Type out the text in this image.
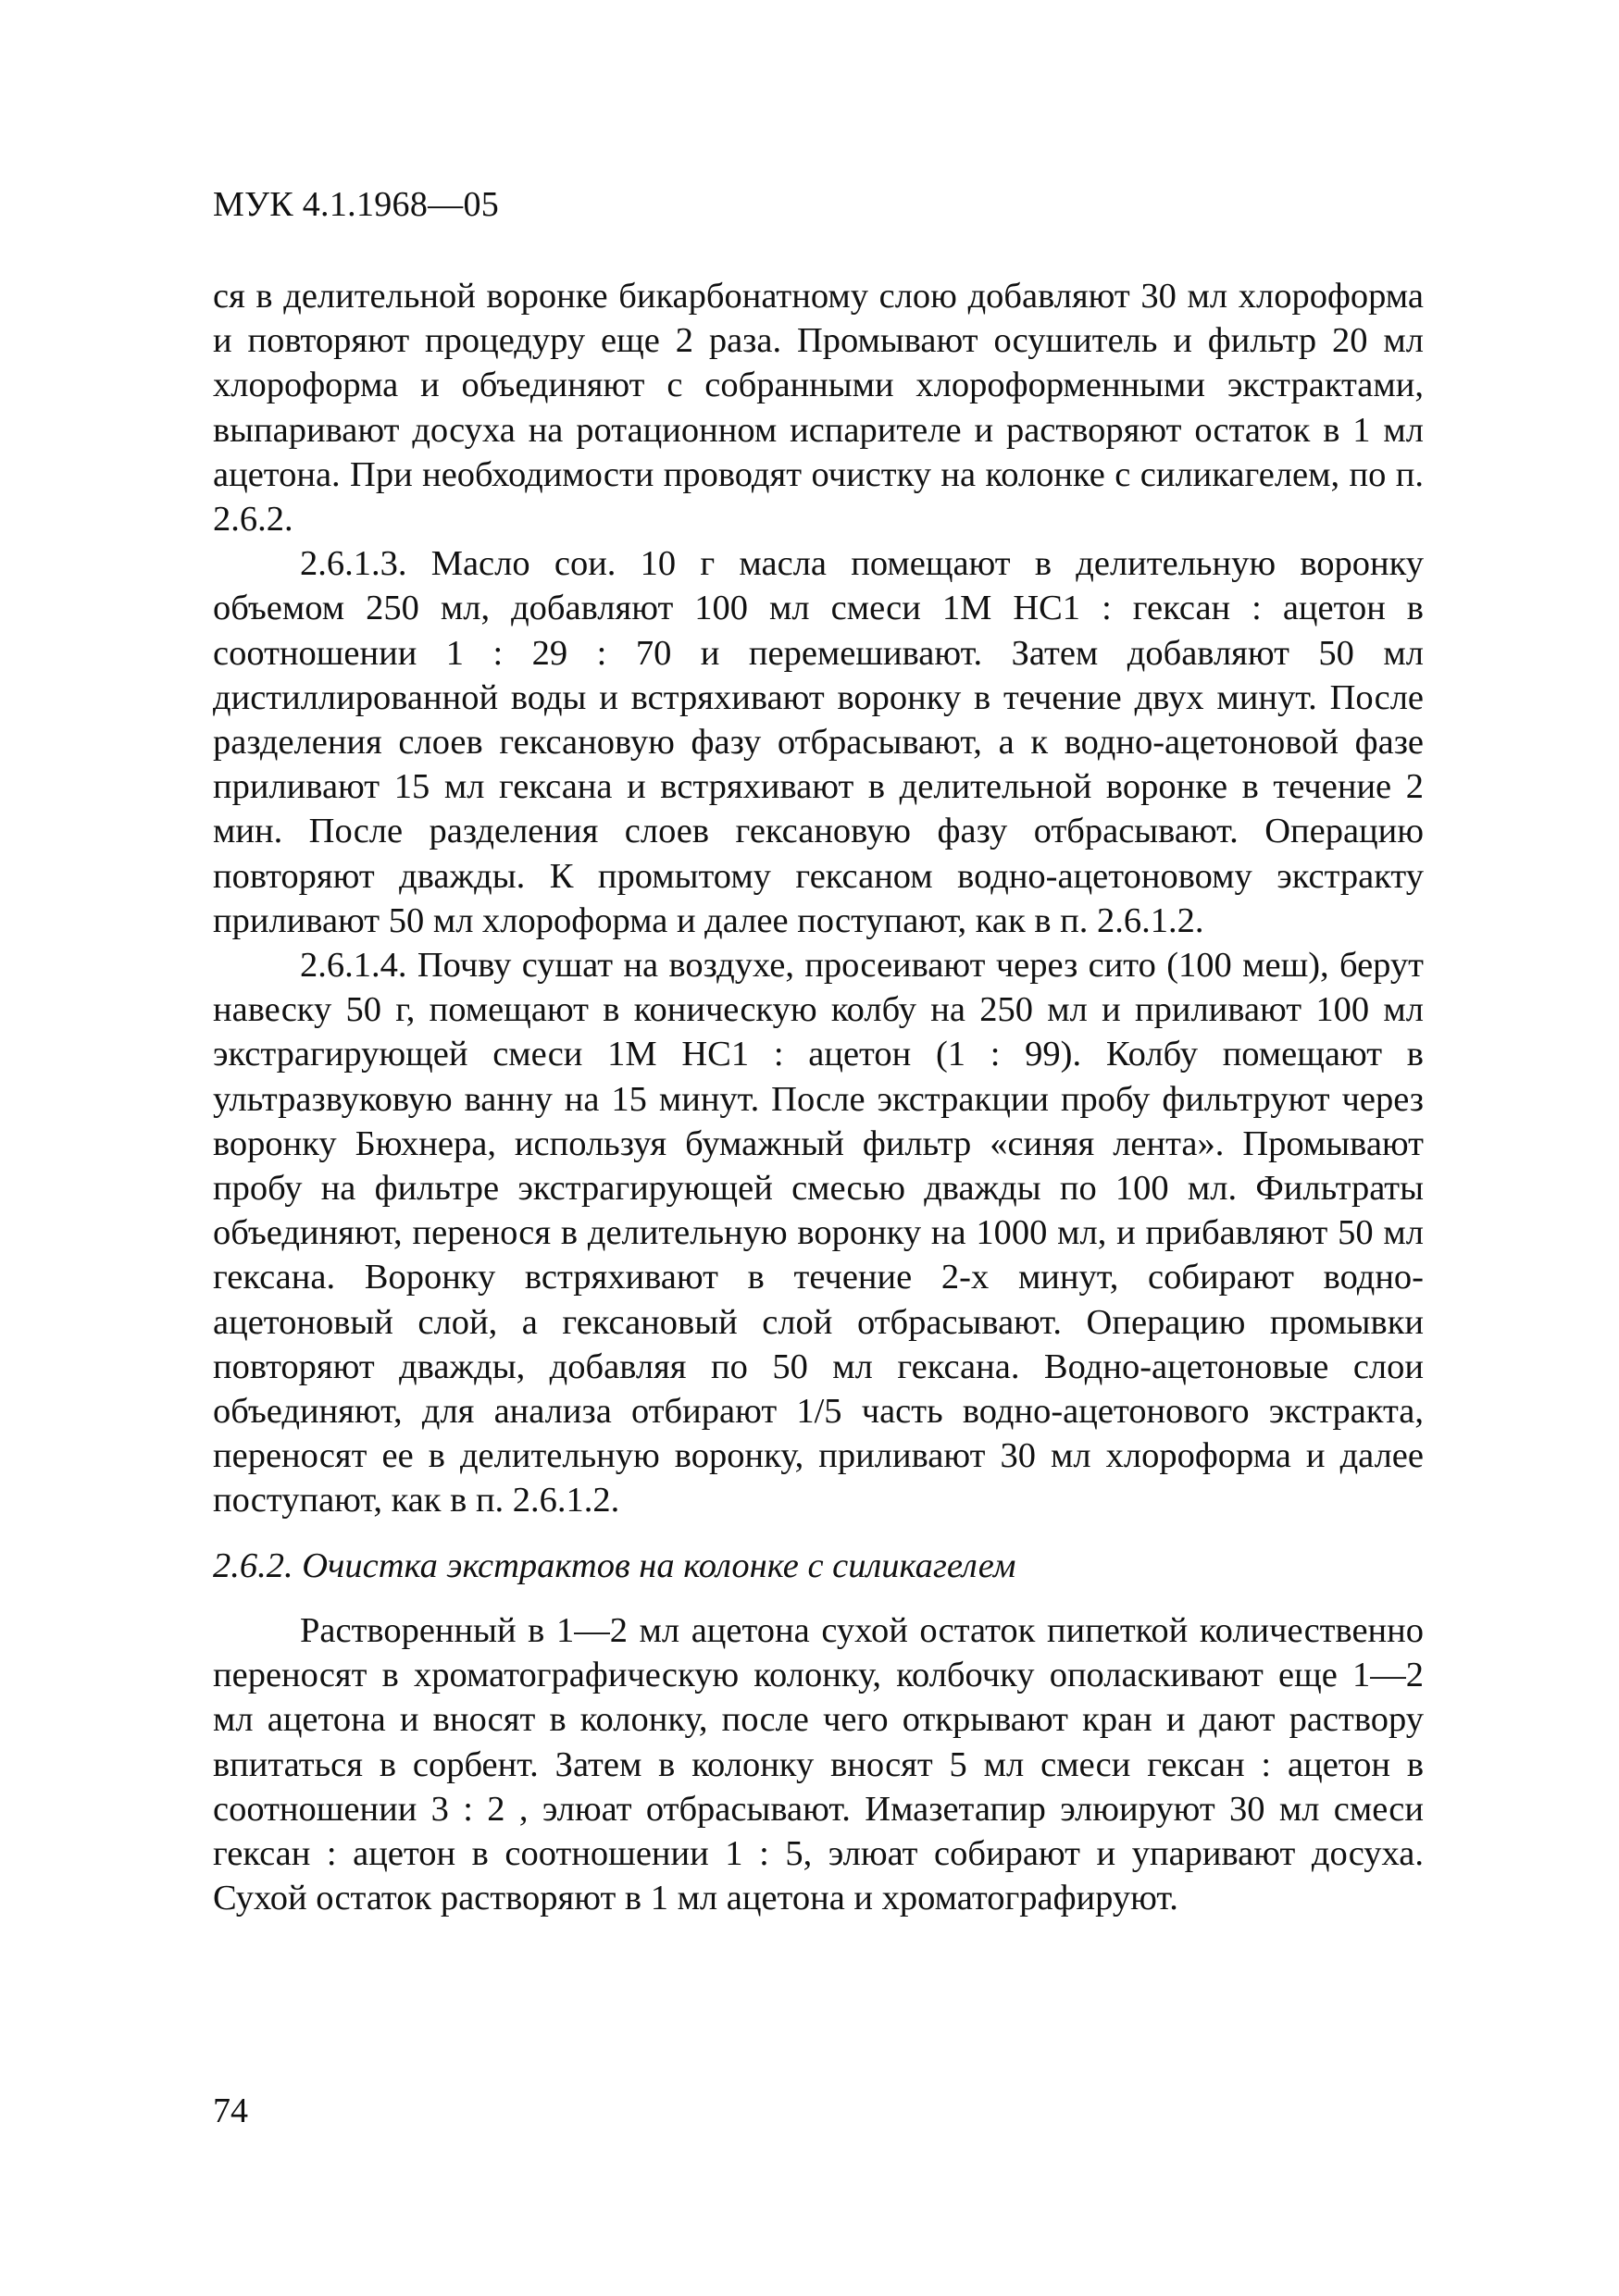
МУК 4.1.1968—05

ся в делительной воронке бикарбонатному слою добавляют 30 мл хлороформа и повторяют процедуру еще 2 раза. Промывают осушитель и фильтр 20 мл хлороформа и объединяют с собранными хлороформенными экстрактами, выпаривают досуха на ротационном испарителе и растворяют остаток в 1 мл ацетона. При необходимости проводят очистку на колонке с силикагелем, по п. 2.6.2.

2.6.1.3. Масло сои. 10 г масла помещают в делительную воронку объемом 250 мл, добавляют 100 мл смеси 1М НС1 : гексан : ацетон в соотношении 1 : 29 : 70 и перемешивают. Затем добавляют 50 мл дистиллированной воды и встряхивают воронку в течение двух минут. После разделения слоев гексановую фазу отбрасывают, а к водно-ацетоновой фазе приливают 15 мл гексана и встряхивают в делительной воронке в течение 2 мин. После разделения слоев гексановую фазу отбрасывают. Операцию повторяют дважды. К промытому гексаном водно-ацетоновому экстракту приливают 50 мл хлороформа и далее поступают, как в п. 2.6.1.2.

2.6.1.4. Почву сушат на воздухе, просеивают через сито (100 меш), берут навеску 50 г, помещают в коническую колбу на 250 мл и приливают 100 мл экстрагирующей смеси 1М НС1 : ацетон (1 : 99). Колбу помещают в ультразвуковую ванну на 15 минут. После экстракции пробу фильтруют через воронку Бюхнера, используя бумажный фильтр «синяя лента». Промывают пробу на фильтре экстрагирующей смесью дважды по 100 мл. Фильтраты объединяют, перенося в делительную воронку на 1000 мл, и прибавляют 50 мл гексана. Воронку встряхивают в течение 2-х минут, собирают водно-ацетоновый слой, а гексановый слой отбрасывают. Операцию промывки повторяют дважды, добавляя по 50 мл гексана. Водно-ацетоновые слои объединяют, для анализа отбирают 1/5 часть водно-ацетонового экстракта, переносят ее в делительную воронку, приливают 30 мл хлороформа и далее поступают, как в п. 2.6.1.2.

2.6.2. Очистка экстрактов на колонке с силикагелем

Растворенный в 1—2 мл ацетона сухой остаток пипеткой количественно переносят в хроматографическую колонку, колбочку ополаскивают еще 1—2 мл ацетона и вносят в колонку, после чего открывают кран и дают раствору впитаться в сорбент. Затем в колонку вносят 5 мл смеси гексан : ацетон в соотношении 3 : 2 , элюат отбрасывают. Имазетапир элюируют 30 мл смеси гексан : ацетон в соотношении 1 : 5, элюат собирают и упаривают досуха. Сухой остаток растворяют в 1 мл ацетона и хроматографируют.

74
